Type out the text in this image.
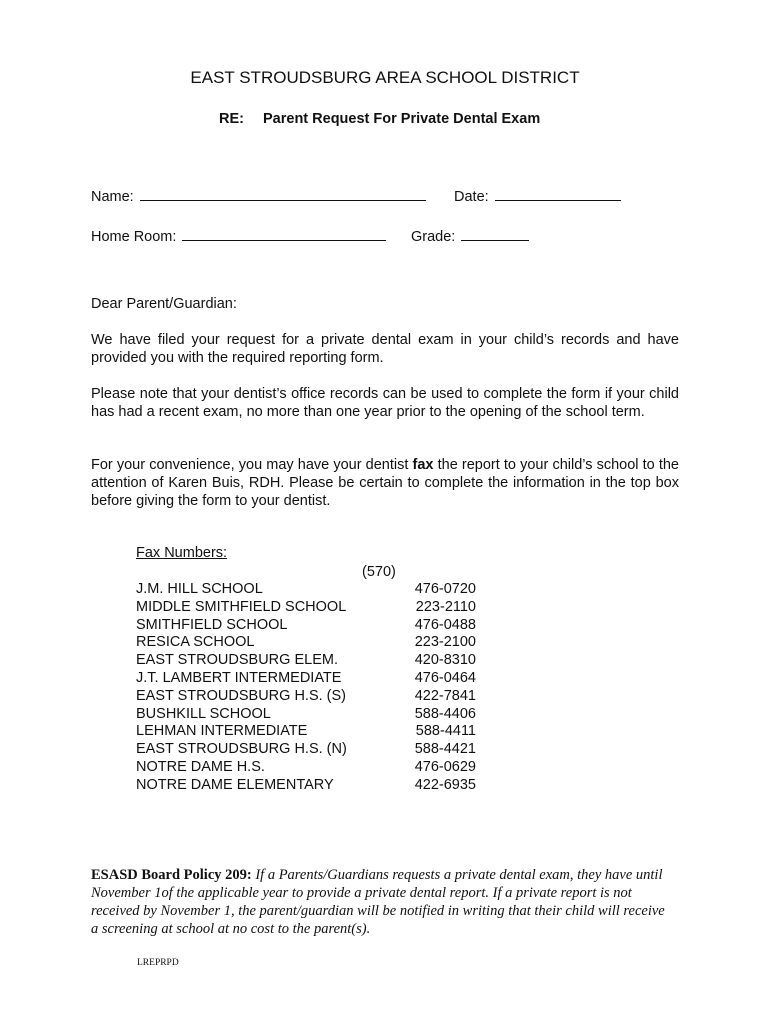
EAST STROUDSBURG AREA SCHOOL DISTRICT
RE: Parent Request For Private Dental Exam
Name:	Date:
Home Room:	Grade:
Dear Parent/Guardian:

We have filed your request for a private dental exam in your child’s records and have provided you with the required reporting form.

Please note that your dentist’s office records can be used to complete the form if your child has had a recent exam, no more than one year prior to the opening of the school term.

For your convenience, you may have your dentist fax the report to your child’s school to the attention of Karen Buis, RDH. Please be certain to complete the information in the top box before giving the form to your dentist.

Fax Numbers:
(570)
J.M. HILL SCHOOL	476-0720
MIDDLE SMITHFIELD SCHOOL	223-2110
SMITHFIELD SCHOOL	476-0488
RESICA SCHOOL	223-2100
EAST STROUDSBURG ELEM.	420-8310
J.T. LAMBERT INTERMEDIATE	476-0464
EAST STROUDSBURG H.S. (S)	422-7841
BUSHKILL SCHOOL	588-4406
LEHMAN INTERMEDIATE	588-4411
EAST STROUDSBURG H.S. (N)	588-4421
NOTRE DAME H.S.	476-0629
NOTRE DAME ELEMENTARY	422-6935
ESASD Board Policy 209: If a Parents/Guardians requests a private dental exam, they have until November 1of the applicable year to provide a private dental report. If a private report is not received by November 1, the parent/guardian will be notified in writing that their child will receive a screening at school at no cost to the parent(s).
LREPRPD
